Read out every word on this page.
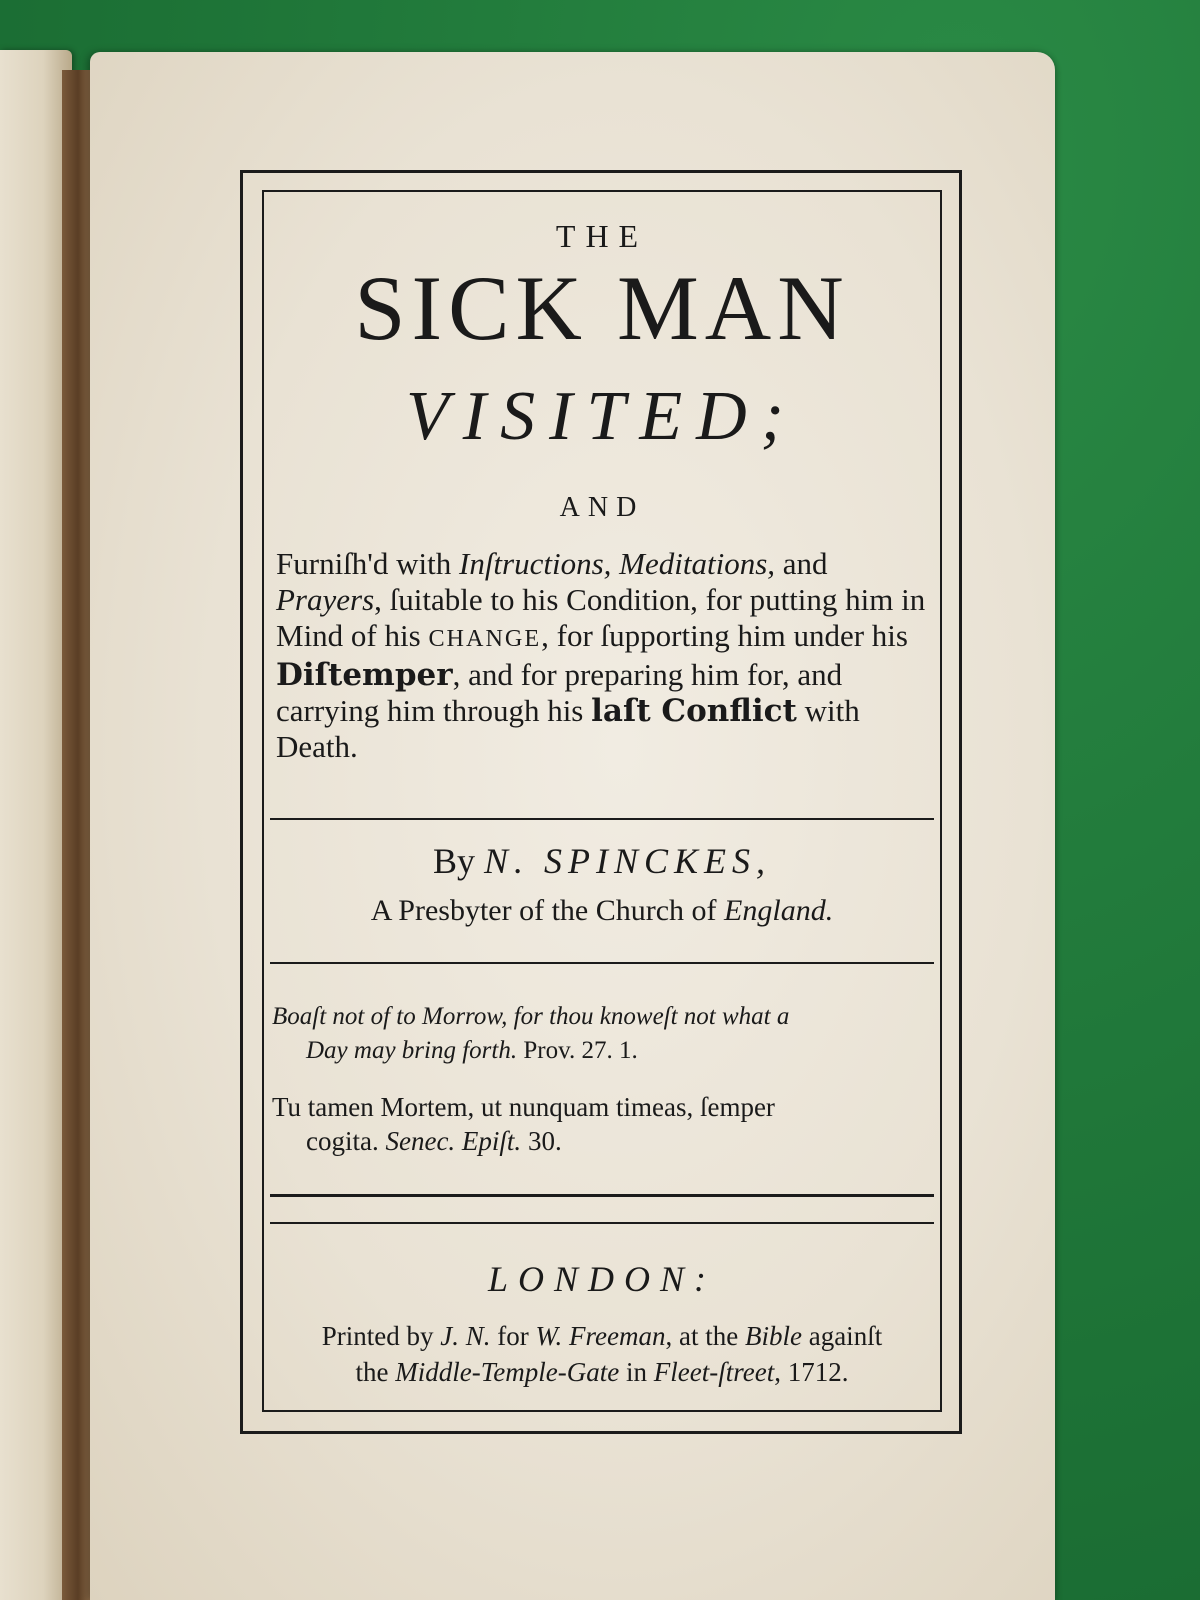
THE
SICK MAN
VISITED;
AND
Furniſh'd with Inſtructions, Meditations, and Prayers, ſuitable to his Condition, for putting him in Mind of his CHANGE, for ſupporting him under his Diſtemper, and for preparing him for, and carrying him through his laſt Conflict with Death.
By N. SPINCKES,
A Presbyter of the Church of England.
Boaſt not of to Morrow, for thou knoweſt not what a
Day may bring forth. Prov. 27. 1.
Tu tamen Mortem, ut nunquam timeas, ſemper
cogita. Senec. Epiſt. 30.
LONDON:
Printed by J. N. for W. Freeman, at the Bible againſt
the Middle-Temple-Gate in Fleet-ſtreet, 1712.
